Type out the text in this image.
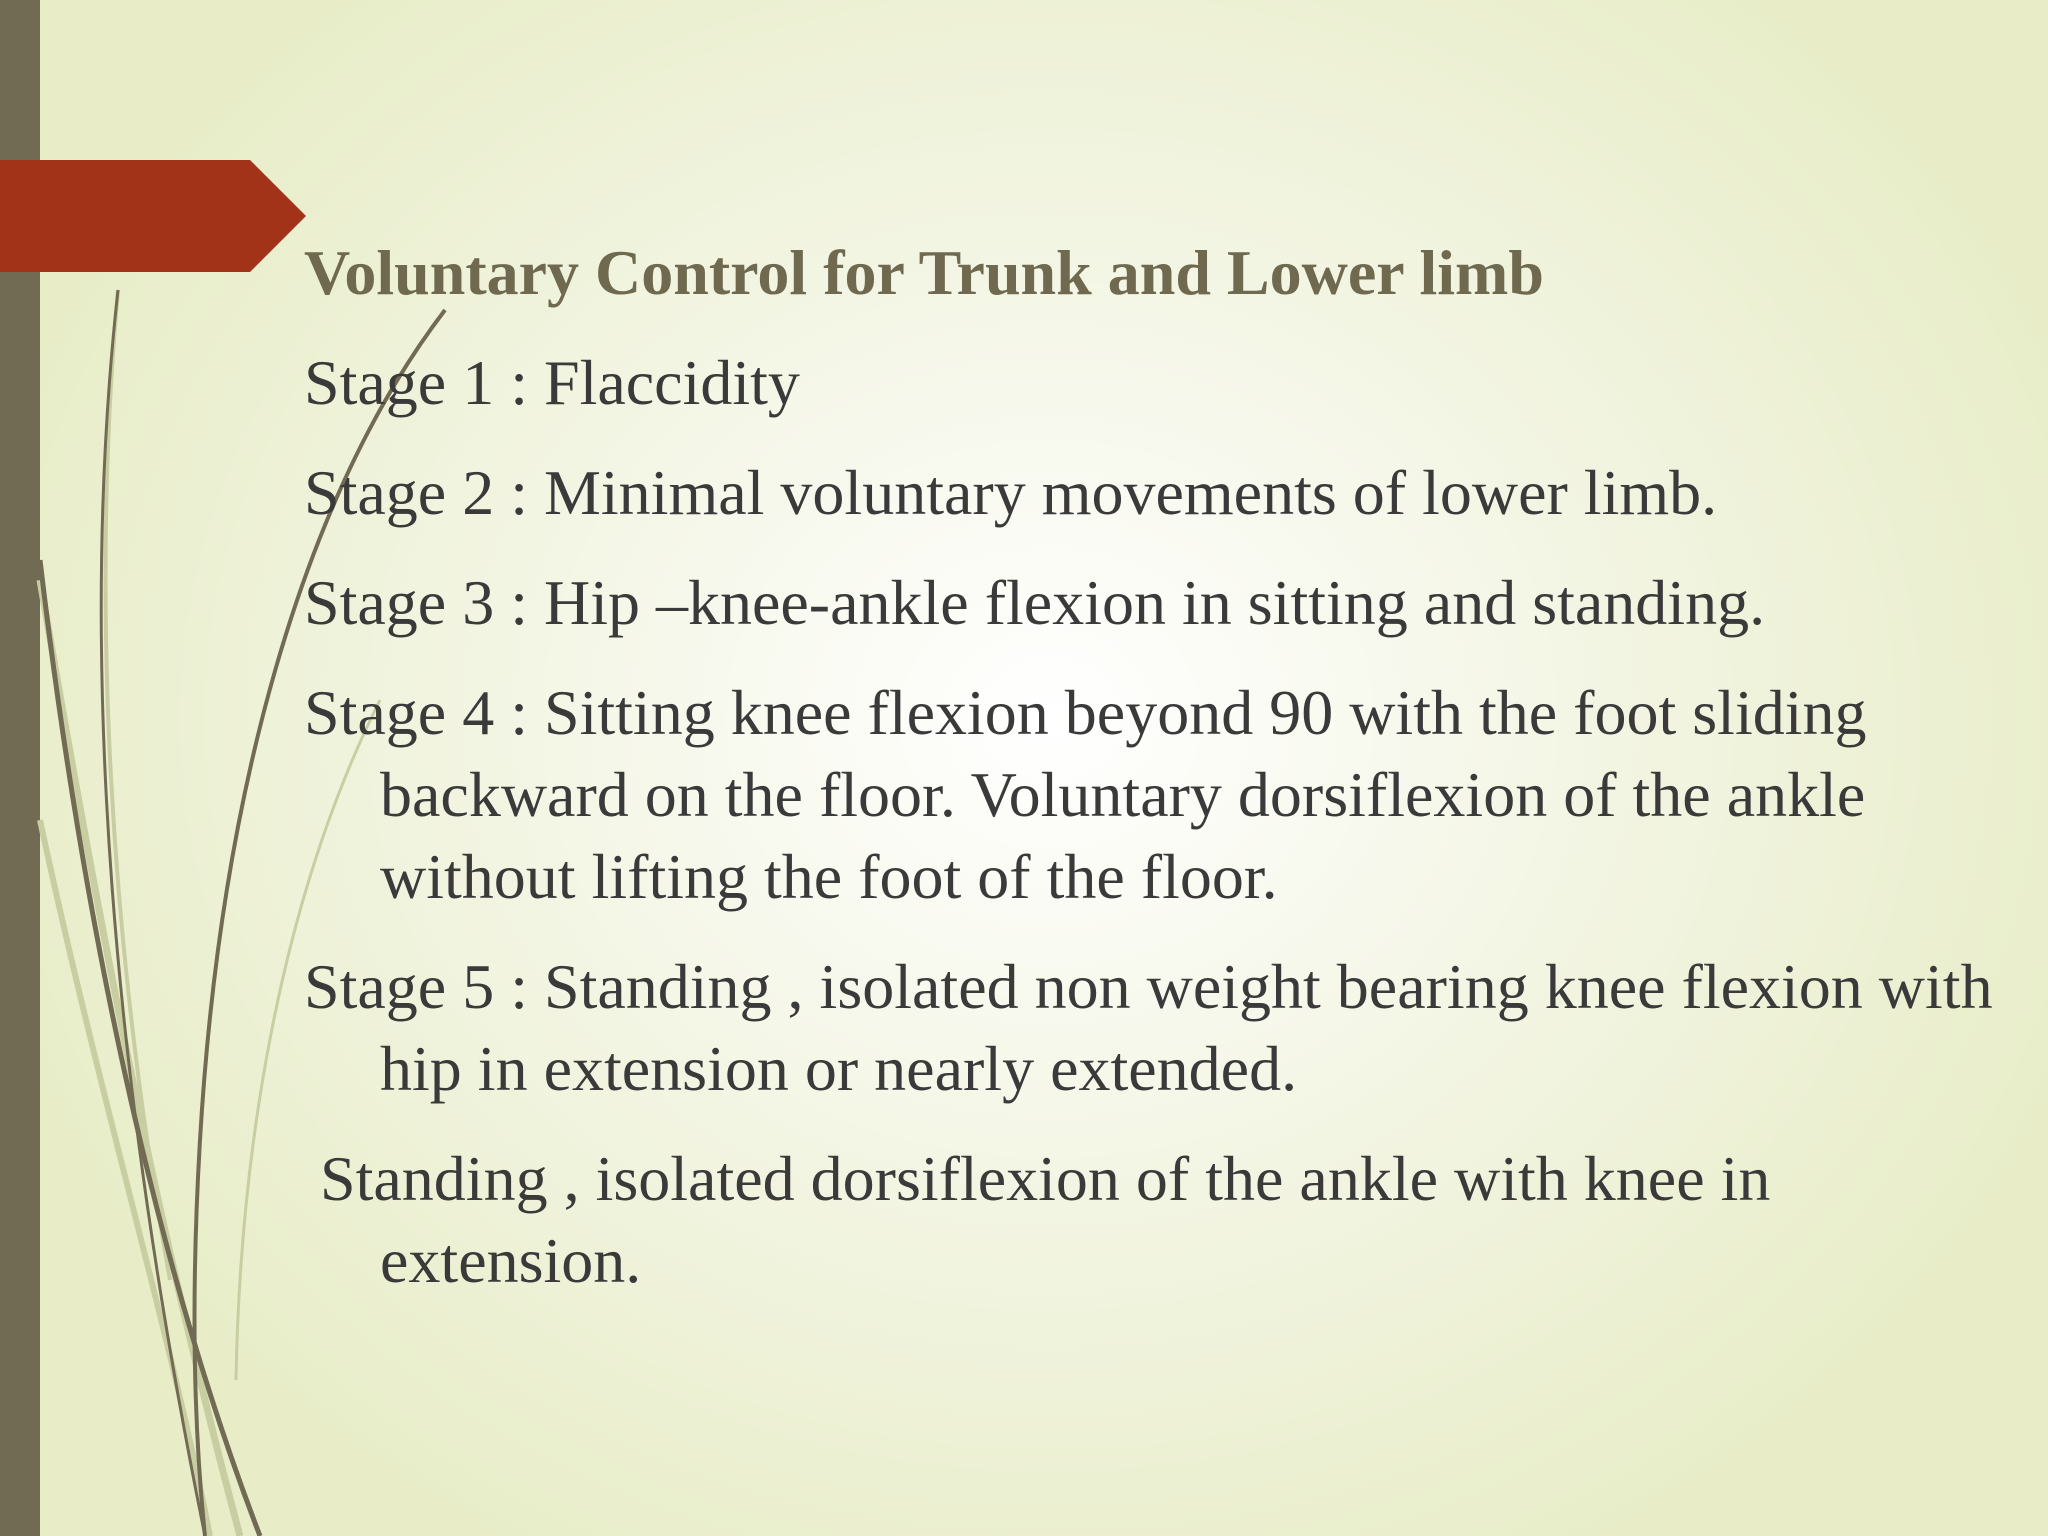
Voluntary Control for Trunk and Lower limb

Stage 1 : Flaccidity

Stage 2 : Minimal voluntary movements of lower limb.

Stage 3 : Hip –knee-ankle flexion in sitting and standing.

Stage 4 : Sitting knee flexion beyond 90 with the foot sliding backward on the floor. Voluntary dorsiflexion of the ankle without lifting the foot of the floor.

Stage 5 : Standing , isolated non weight bearing knee flexion with hip in extension or nearly extended.

Standing , isolated dorsiflexion of the ankle with knee in extension.
